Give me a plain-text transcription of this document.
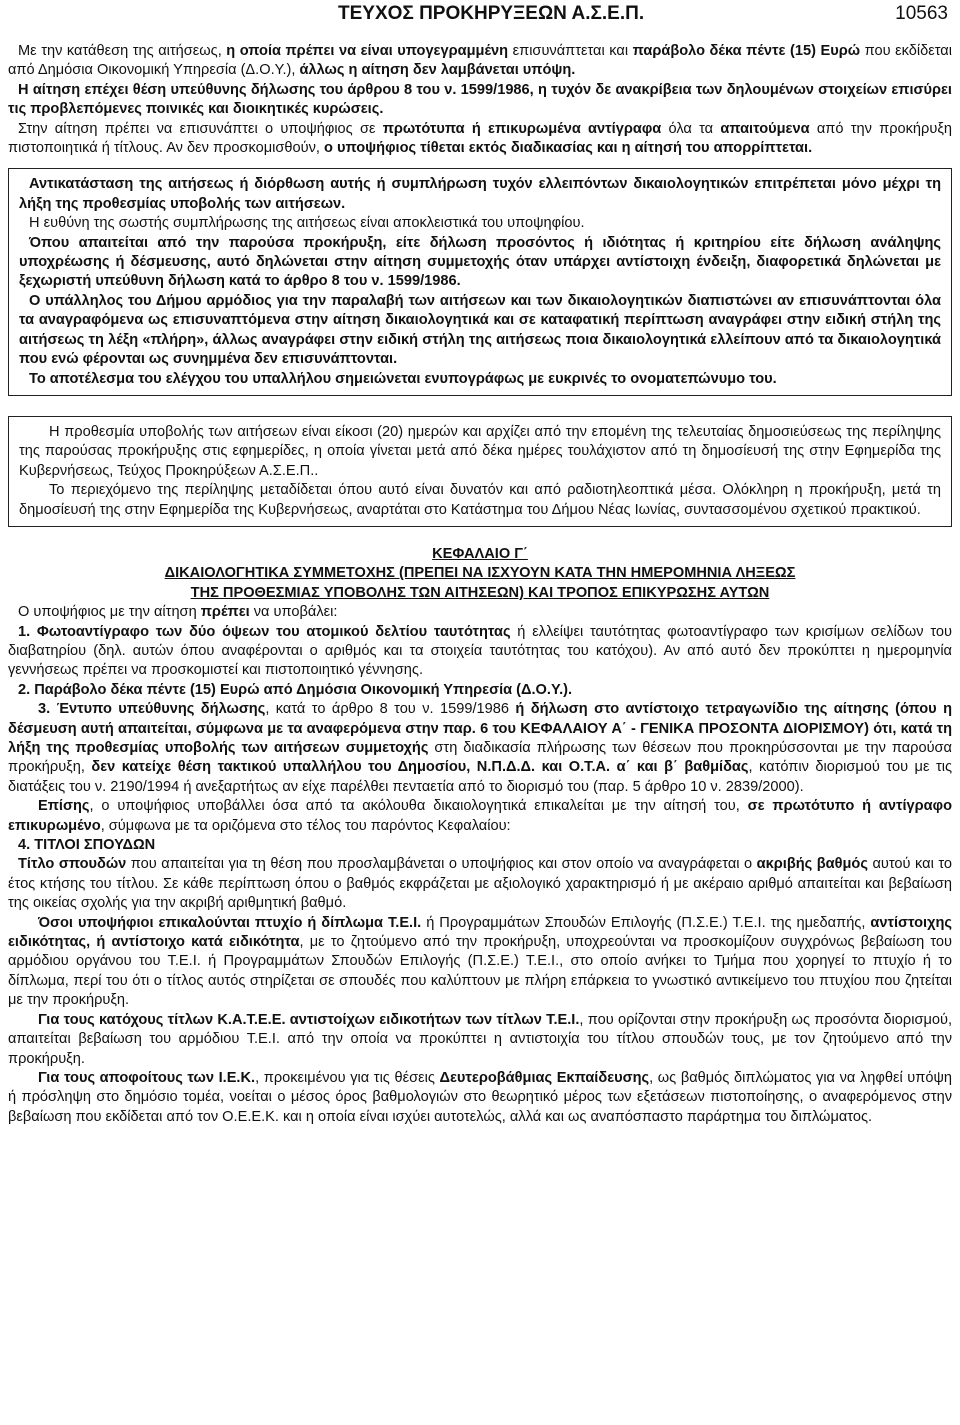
ΤΕΥΧΟΣ ΠΡΟΚΗΡΥΞΕΩΝ Α.Σ.Ε.Π.	10563

Με την κατάθεση της αιτήσεως, η οποία πρέπει να είναι υπογεγραμμένη επισυνάπτεται και παράβολο δέκα πέντε (15) Ευρώ που εκδίδεται από Δημόσια Οικονομική Υπηρεσία (Δ.Ο.Υ.), άλλως η αίτηση δεν λαμβάνεται υπόψη.

Η αίτηση επέχει θέση υπεύθυνης δήλωσης του άρθρου 8 του ν. 1599/1986, η τυχόν δε ανακρίβεια των δηλουμένων στοιχείων επισύρει τις προβλεπόμενες ποινικές και διοικητικές κυρώσεις.

Στην αίτηση πρέπει να επισυνάπτει ο υποψήφιος σε πρωτότυπα ή επικυρωμένα αντίγραφα όλα τα απαιτούμενα από την προκήρυξη πιστοποιητικά ή τίτλους. Αν δεν προσκομισθούν, ο υποψήφιος τίθεται εκτός διαδικασίας και η αίτησή του απορρίπτεται.

Αντικατάσταση της αιτήσεως ή διόρθωση αυτής ή συμπλήρωση τυχόν ελλειπόντων δικαιολογητικών επιτρέπεται μόνο μέχρι τη λήξη της προθεσμίας υποβολής των αιτήσεων.

Η ευθύνη της σωστής συμπλήρωσης της αιτήσεως είναι αποκλειστικά του υποψηφίου.

Όπου απαιτείται από την παρούσα προκήρυξη, είτε δήλωση προσόντος ή ιδιότητας ή κριτηρίου είτε δήλωση ανάληψης υποχρέωσης ή δέσμευσης, αυτό δηλώνεται στην αίτηση συμμετοχής όταν υπάρχει αντίστοιχη ένδειξη, διαφορετικά δηλώνεται με ξεχωριστή υπεύθυνη δήλωση κατά το άρθρο 8 του ν. 1599/1986.

Ο υπάλληλος του Δήμου αρμόδιος για την παραλαβή των αιτήσεων και των δικαιολογητικών διαπιστώνει αν επισυνάπτονται όλα τα αναγραφόμενα ως επισυναπτόμενα στην αίτηση δικαιολογητικά και σε καταφατική περίπτωση αναγράφει στην ειδική στήλη της αιτήσεως τη λέξη «πλήρη», άλλως αναγράφει στην ειδική στήλη της αιτήσεως ποια δικαιολογητικά ελλείπουν από τα δικαιολογητικά που ενώ φέρονται ως συνημμένα δεν επισυνάπτονται.

Το αποτέλεσμα του ελέγχου του υπαλλήλου σημειώνεται ενυπογράφως με ευκρινές το ονοματεπώνυμο του.

Η προθεσμία υποβολής των αιτήσεων είναι είκοσι (20) ημερών και αρχίζει από την επομένη της τελευταίας δημοσιεύσεως της περίληψης της παρούσας προκήρυξης στις εφημερίδες, η οποία γίνεται μετά από δέκα ημέρες τουλάχιστον από τη δημοσίευσή της στην Εφημερίδα της Κυβερνήσεως, Τεύχος Προκηρύξεων Α.Σ.Ε.Π..

Το περιεχόμενο της περίληψης μεταδίδεται όπου αυτό είναι δυνατόν και από ραδιοτηλεοπτικά μέσα. Ολόκληρη η προκήρυξη, μετά τη δημοσίευσή της στην Εφημερίδα της Κυβερνήσεως, αναρτάται στο Κατάστημα του Δήμου Νέας Ιωνίας, συντασσομένου σχετικού πρακτικού.

ΚΕΦΑΛΑΙΟ Γ΄
ΔΙΚΑΙΟΛΟΓΗΤΙΚΑ ΣΥΜΜΕΤΟΧΗΣ (ΠΡΕΠΕΙ ΝΑ ΙΣΧΥΟΥΝ ΚΑΤΑ ΤΗΝ ΗΜΕΡΟΜΗΝΙΑ ΛΗΞΕΩΣ
ΤΗΣ ΠΡΟΘΕΣΜΙΑΣ ΥΠΟΒΟΛΗΣ ΤΩΝ ΑΙΤΗΣΕΩΝ) ΚΑΙ ΤΡΟΠΟΣ ΕΠΙΚΥΡΩΣΗΣ ΑΥΤΩΝ

Ο υποψήφιος με την αίτηση πρέπει να υποβάλει:

1. Φωτοαντίγραφο των δύο όψεων του ατομικού δελτίου ταυτότητας ή ελλείψει ταυτότητας φωτοαντίγραφο των κρισίμων σελίδων του διαβατηρίου (δηλ. αυτών όπου αναφέρονται ο αριθμός και τα στοιχεία ταυτότητας του κατόχου). Αν από αυτό δεν προκύπτει η ημερομηνία γεννήσεως πρέπει να προσκομιστεί και πιστοποιητικό γέννησης.

2. Παράβολο δέκα πέντε (15) Ευρώ από Δημόσια Οικονομική Υπηρεσία (Δ.Ο.Υ.).

3. Έντυπο υπεύθυνης δήλωσης, κατά το άρθρο 8 του ν. 1599/1986 ή δήλωση στο αντίστοιχο τετραγωνίδιο της αίτησης (όπου η δέσμευση αυτή απαιτείται, σύμφωνα με τα αναφερόμενα στην παρ. 6 του ΚΕΦΑΛΑΙΟΥ Α΄ - ΓΕΝΙΚΑ ΠΡΟΣΟΝΤΑ ΔΙΟΡΙΣΜΟΥ) ότι, κατά τη λήξη της προθεσμίας υποβολής των αιτήσεων συμμετοχής στη διαδικασία πλήρωσης των θέσεων που προκηρύσσονται με την παρούσα προκήρυξη, δεν κατείχε θέση τακτικού υπαλλήλου του Δημοσίου, Ν.Π.Δ.Δ. και Ο.Τ.Α. α΄ και β΄ βαθμίδας, κατόπιν διορισμού του με τις διατάξεις του ν. 2190/1994 ή ανεξαρτήτως αν είχε παρέλθει πενταετία από το διορισμό του (παρ. 5 άρθρο 10 ν. 2839/2000).

Επίσης, ο υποψήφιος υποβάλλει όσα από τα ακόλουθα δικαιολογητικά επικαλείται με την αίτησή του, σε πρωτότυπο ή αντίγραφο επικυρωμένο, σύμφωνα με τα οριζόμενα στο τέλος του παρόντος Κεφαλαίου:

4. ΤΙΤΛΟΙ ΣΠΟΥΔΩΝ

Τίτλο σπουδών που απαιτείται για τη θέση που προσλαμβάνεται ο υποψήφιος και στον οποίο να αναγράφεται ο ακριβής βαθμός αυτού και το έτος κτήσης του τίτλου. Σε κάθε περίπτωση όπου ο βαθμός εκφράζεται με αξιολογικό χαρακτηρισμό ή με ακέραιο αριθμό απαιτείται και βεβαίωση της οικείας σχολής για την ακριβή αριθμητική βαθμό.

Όσοι υποψήφιοι επικαλούνται πτυχίο ή δίπλωμα Τ.Ε.Ι. ή Προγραμμάτων Σπουδών Επιλογής (Π.Σ.Ε.) Τ.Ε.Ι. της ημεδαπής, αντίστοιχης ειδικότητας, ή αντίστοιχο κατά ειδικότητα, με το ζητούμενο από την προκήρυξη, υποχρεούνται να προσκομίζουν συγχρόνως βεβαίωση του αρμόδιου οργάνου του Τ.Ε.Ι. ή Προγραμμάτων Σπουδών Επιλογής (Π.Σ.Ε.) Τ.Ε.Ι., στο οποίο ανήκει το Τμήμα που χορηγεί το πτυχίο ή το δίπλωμα, περί του ότι ο τίτλος αυτός στηρίζεται σε σπουδές που καλύπτουν με πλήρη επάρκεια το γνωστικό αντικείμενο του πτυχίου που ζητείται με την προκήρυξη.

Για τους κατόχους τίτλων Κ.Α.Τ.Ε.Ε. αντιστοίχων ειδικοτήτων των τίτλων Τ.Ε.Ι., που ορίζονται στην προκήρυξη ως προσόντα διορισμού, απαιτείται βεβαίωση του αρμόδιου Τ.Ε.Ι. από την οποία να προκύπτει η αντιστοιχία του τίτλου σπουδών τους, με τον ζητούμενο από την προκήρυξη.

Για τους αποφοίτους των Ι.Ε.Κ., προκειμένου για τις θέσεις Δευτεροβάθμιας Εκπαίδευσης, ως βαθμός διπλώματος για να ληφθεί υπόψη ή πρόσληψη στο δημόσιο τομέα, νοείται ο μέσος όρος βαθμολογιών στο θεωρητικό μέρος των εξετάσεων πιστοποίησης, ο αναφερόμενος στην βεβαίωση που εκδίδεται από τον Ο.Ε.Ε.Κ. και η οποία είναι ισχύει αυτοτελώς, αλλά και ως αναπόσπαστο παράρτημα του διπλώματος.
